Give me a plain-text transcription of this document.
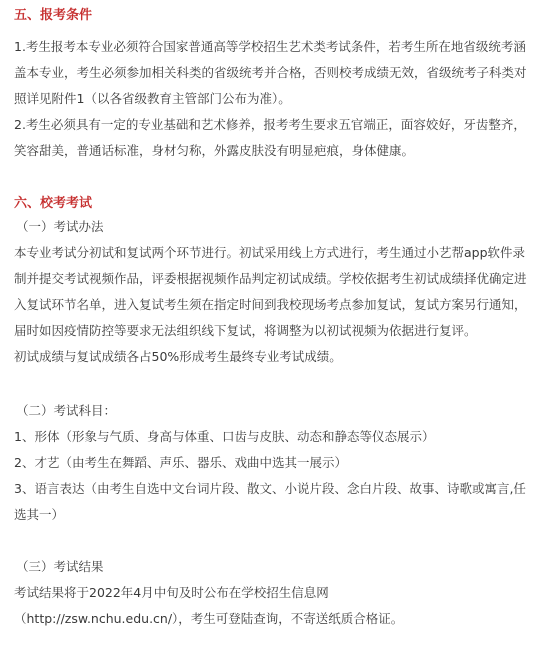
五、报考条件

1.考生报考本专业必须符合国家普通高等学校招生艺术类考试条件，若考生所在地省级统考涵盖本专业，考生必须参加相关科类的省级统考并合格，否则校考成绩无效，省级统考子科类对照详见附件1（以各省级教育主管部门公布为准）。

2.考生必须具有一定的专业基础和艺术修养，报考考生要求五官端正，面容姣好，牙齿整齐，笑容甜美，普通话标准，身材匀称，外露皮肤没有明显疤痕，身体健康。

六、校考考试

（一）考试办法

本专业考试分初试和复试两个环节进行。初试采用线上方式进行，考生通过小艺帮app软件录制并提交考试视频作品，评委根据视频作品判定初试成绩。学校依据考生初试成绩择优确定进入复试环节名单，进入复试考生须在指定时间到我校现场考点参加复试，复试方案另行通知，届时如因疫情防控等要求无法组织线下复试，将调整为以初试视频为依据进行复评。

初试成绩与复试成绩各占50%形成考生最终专业考试成绩。

（二）考试科目：

1、形体（形象与气质、身高与体重、口齿与皮肤、动态和静态等仪态展示）

2、才艺（由考生在舞蹈、声乐、器乐、戏曲中选其一展示）

3、语言表达（由考生自选中文台词片段、散文、小说片段、念白片段、故事、诗歌或寓言,任选其一）

（三）考试结果

考试结果将于2022年4月中旬及时公布在学校招生信息网

（http://zsw.nchu.edu.cn/），考生可登陆查询，不寄送纸质合格证。
